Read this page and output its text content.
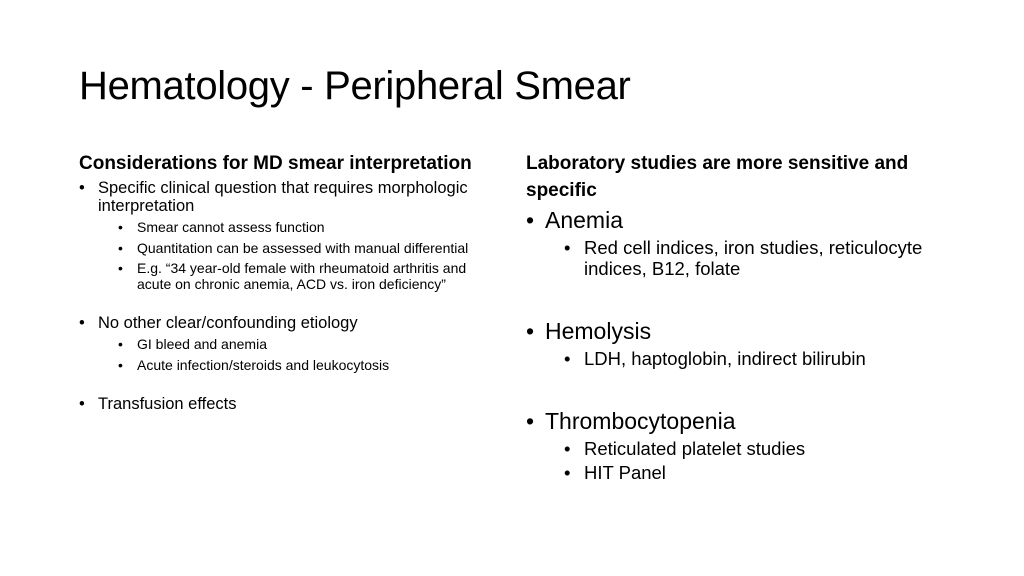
Hematology - Peripheral Smear

Considerations for MD smear interpretation

• Specific clinical question that requires morphologic interpretation
• Smear cannot assess function
• Quantitation can be assessed with manual differential
• E.g. “34 year-old female with rheumatoid arthritis and acute on chronic anemia, ACD vs. iron deficiency”
• No other clear/confounding etiology
• GI bleed and anemia
• Acute infection/steroids and leukocytosis
• Transfusion effects

Laboratory studies are more sensitive and specific

• Anemia
• Red cell indices, iron studies, reticulocyte indices, B12, folate
• Hemolysis
• LDH, haptoglobin, indirect bilirubin
• Thrombocytopenia
• Reticulated platelet studies
• HIT Panel
